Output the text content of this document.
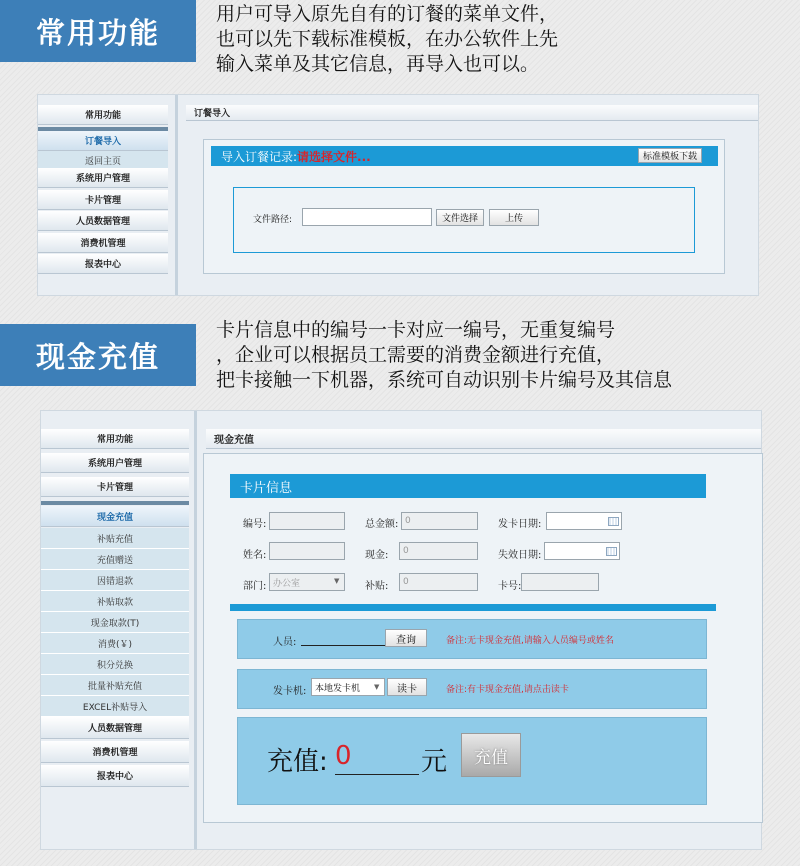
常用功能
用户可导入原先自有的订餐的菜单文件，
也可以先下载标准模板，在办公软件上先
输入菜单及其它信息，再导入也可以。
常用功能
订餐导入
返回主页
系统用户管理
卡片管理
人员数据管理
消费机管理
报表中心
订餐导入
导入订餐记录: 请选择文件...	标准模板下载
文件路径:	文件选择	上传
现金充值
卡片信息中的编号一卡对应一编号，无重复编号
，企业可以根据员工需要的消费金额进行充值，
把卡接触一下机器，系统可自动识别卡片编号及其信息
常用功能
系统用户管理
卡片管理
现金充值
补贴充值
充值赠送
因错退款
补贴取款
现金取款(T)
消费(￥)
积分兑换
批量补贴充值
EXCEL补贴导入
人员数据管理
消费机管理
报表中心
现金充值
卡片信息
编号:	总金额: 0	发卡日期:
姓名:	现金:	0	失效日期:
部门: 办公室	▼	补贴:	0	卡号:
人员:	查询	备注:无卡现金充值,请输入人员编号或姓名
发卡机: 本地发卡机	▼	读卡	备注:有卡现金充值,请点击读卡
充值: 0	元	充值
